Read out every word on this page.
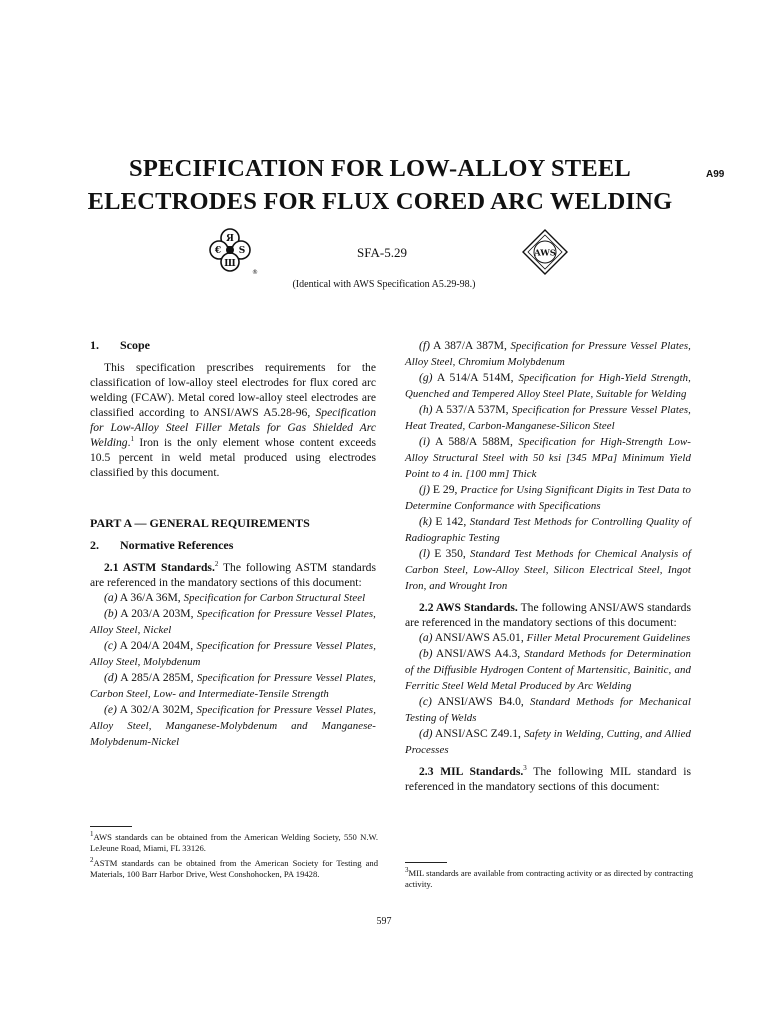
SPECIFICATION FOR LOW-ALLOY STEEL
ELECTRODES FOR FLUX CORED ARC WELDING
A99
Я
€ S
Ш
®
SFA-5.29	AWS
(Identical with AWS Specification A5.29-98.)

1. Scope

This specification prescribes requirements for the classification of low-alloy steel electrodes for flux cored arc welding (FCAW). Metal cored low-alloy steel electrodes are classified according to ANSI/AWS A5.28-96, Specification for Low-Alloy Steel Filler Metals for Gas Shielded Arc Welding.$^1$ Iron is the only element whose content exceeds 10.5 percent in weld metal produced using electrodes classified by this document.

PART A — GENERAL REQUIREMENTS

2. Normative References

2.1 ASTM Standards.$^2$ The following ASTM standards are referenced in the mandatory sections of this document:

(a) A 36/A 36M, Specification for Carbon Structural Steel

(b) A 203/A 203M, Specification for Pressure Vessel Plates, Alloy Steel, Nickel

(c) A 204/A 204M, Specification for Pressure Vessel Plates, Alloy Steel, Molybdenum

(d) A 285/A 285M, Specification for Pressure Vessel Plates, Carbon Steel, Low- and Intermediate-Tensile Strength

(e) A 302/A 302M, Specification for Pressure Vessel Plates, Alloy Steel, Manganese-Molybdenum and Manganese-Molybdenum-Nickel

$^1$AWS standards can be obtained from the American Welding Society, 550 N.W. LeJeune Road, Miami, FL 33126.
$^2$ASTM standards can be obtained from the American Society for Testing and Materials, 100 Barr Harbor Drive, West Conshohocken, PA 19428.

(f) A 387/A 387M, Specification for Pressure Vessel Plates, Alloy Steel, Chromium Molybdenum

(g) A 514/A 514M, Specification for High-Yield Strength, Quenched and Tempered Alloy Steel Plate, Suitable for Welding

(h) A 537/A 537M, Specification for Pressure Vessel Plates, Heat Treated, Carbon-Manganese-Silicon Steel

(i) A 588/A 588M, Specification for High-Strength Low-Alloy Structural Steel with 50 ksi [345 MPa] Minimum Yield Point to 4 in. [100 mm] Thick

(j) E 29, Practice for Using Significant Digits in Test Data to Determine Conformance with Specifications

(k) E 142, Standard Test Methods for Controlling Quality of Radiographic Testing

(l) E 350, Standard Test Methods for Chemical Analysis of Carbon Steel, Low-Alloy Steel, Silicon Electrical Steel, Ingot Iron, and Wrought Iron

2.2 AWS Standards. The following ANSI/AWS standards are referenced in the mandatory sections of this document:

(a) ANSI/AWS A5.01, Filler Metal Procurement Guidelines

(b) ANSI/AWS A4.3, Standard Methods for Determination of the Diffusible Hydrogen Content of Martensitic, Bainitic, and Ferritic Steel Weld Metal Produced by Arc Welding

(c) ANSI/AWS B4.0, Standard Methods for Mechanical Testing of Welds

(d) ANSI/ASC Z49.1, Safety in Welding, Cutting, and Allied Processes

2.3 MIL Standards.$^3$ The following MIL standard is referenced in the mandatory sections of this document:

$^3$MIL standards are available from contracting activity or as directed by contracting activity.
597
